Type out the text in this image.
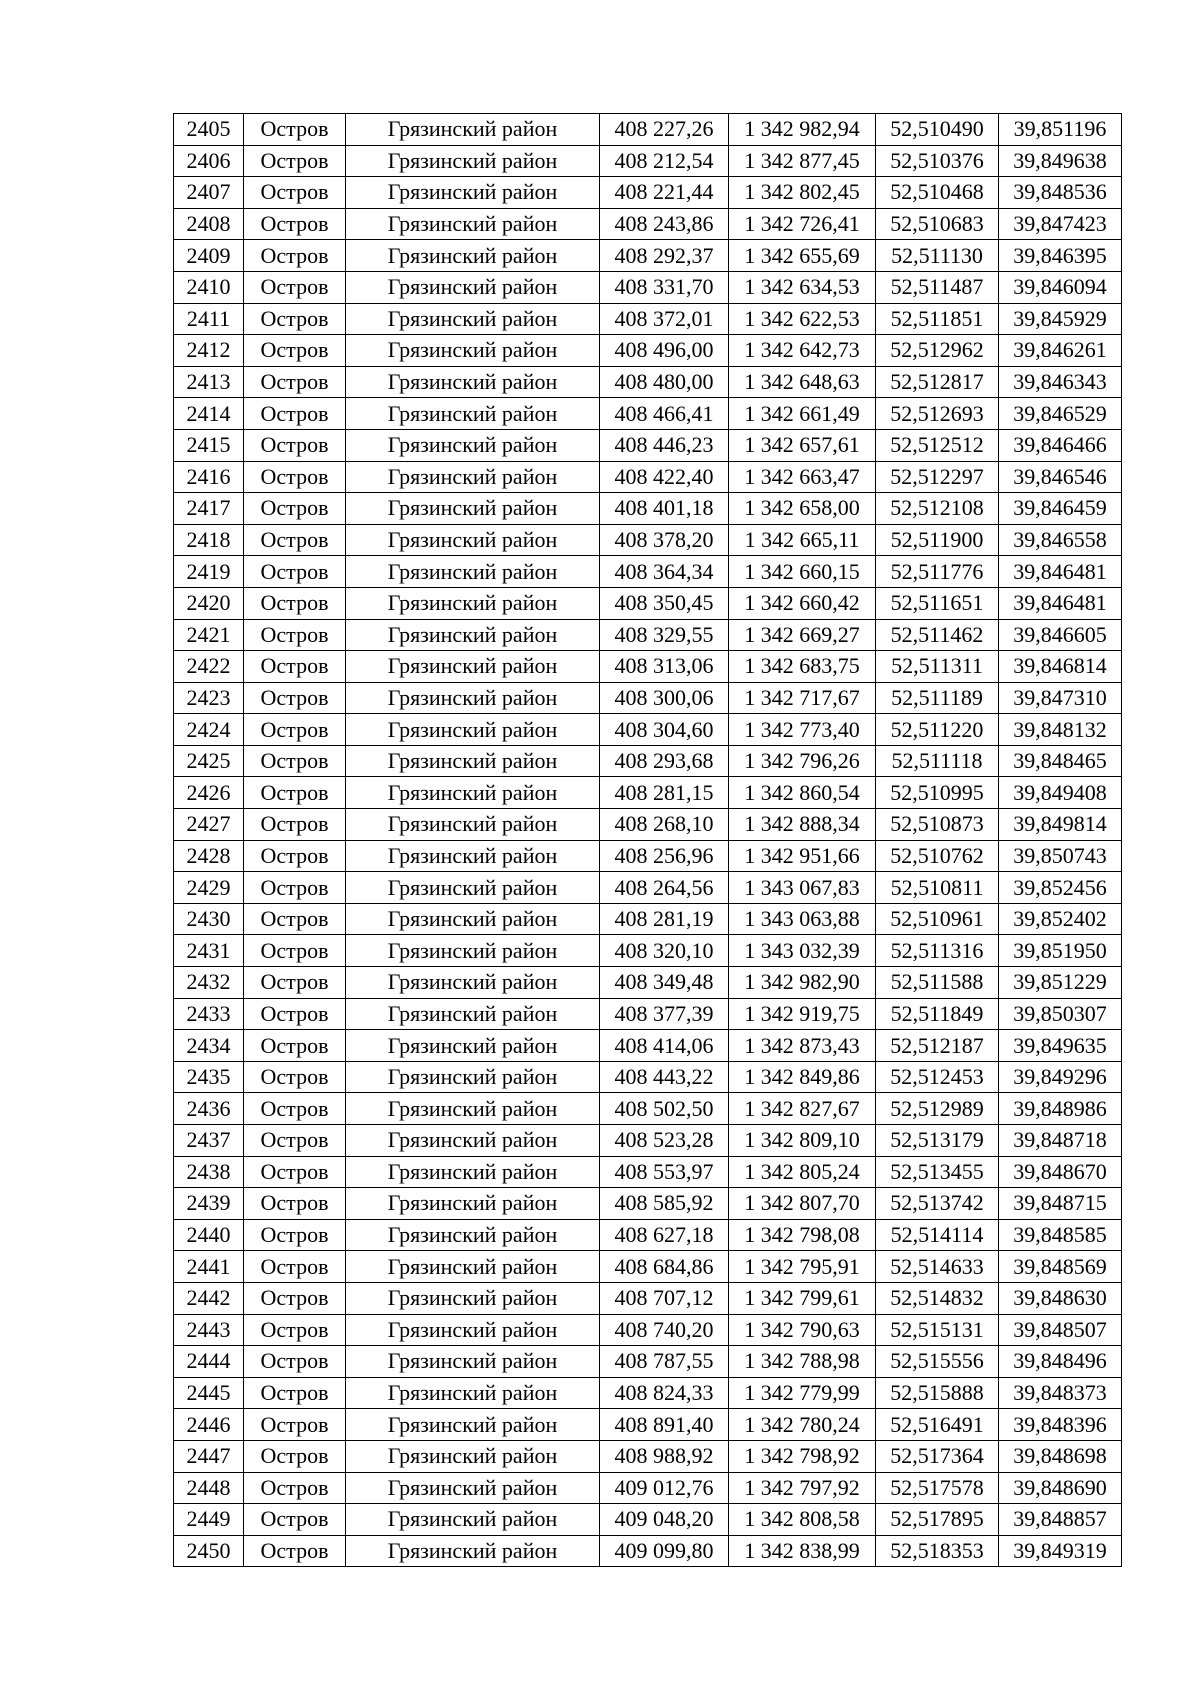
2405	Остров	Грязинский район	408 227,26	1 342 982,94	52,510490	39,851196
2406	Остров	Грязинский район	408 212,54	1 342 877,45	52,510376	39,849638
2407	Остров	Грязинский район	408 221,44	1 342 802,45	52,510468	39,848536
2408	Остров	Грязинский район	408 243,86	1 342 726,41	52,510683	39,847423
2409	Остров	Грязинский район	408 292,37	1 342 655,69	52,511130	39,846395
2410	Остров	Грязинский район	408 331,70	1 342 634,53	52,511487	39,846094
2411	Остров	Грязинский район	408 372,01	1 342 622,53	52,511851	39,845929
2412	Остров	Грязинский район	408 496,00	1 342 642,73	52,512962	39,846261
2413	Остров	Грязинский район	408 480,00	1 342 648,63	52,512817	39,846343
2414	Остров	Грязинский район	408 466,41	1 342 661,49	52,512693	39,846529
2415	Остров	Грязинский район	408 446,23	1 342 657,61	52,512512	39,846466
2416	Остров	Грязинский район	408 422,40	1 342 663,47	52,512297	39,846546
2417	Остров	Грязинский район	408 401,18	1 342 658,00	52,512108	39,846459
2418	Остров	Грязинский район	408 378,20	1 342 665,11	52,511900	39,846558
2419	Остров	Грязинский район	408 364,34	1 342 660,15	52,511776	39,846481
2420	Остров	Грязинский район	408 350,45	1 342 660,42	52,511651	39,846481
2421	Остров	Грязинский район	408 329,55	1 342 669,27	52,511462	39,846605
2422	Остров	Грязинский район	408 313,06	1 342 683,75	52,511311	39,846814
2423	Остров	Грязинский район	408 300,06	1 342 717,67	52,511189	39,847310
2424	Остров	Грязинский район	408 304,60	1 342 773,40	52,511220	39,848132
2425	Остров	Грязинский район	408 293,68	1 342 796,26	52,511118	39,848465
2426	Остров	Грязинский район	408 281,15	1 342 860,54	52,510995	39,849408
2427	Остров	Грязинский район	408 268,10	1 342 888,34	52,510873	39,849814
2428	Остров	Грязинский район	408 256,96	1 342 951,66	52,510762	39,850743
2429	Остров	Грязинский район	408 264,56	1 343 067,83	52,510811	39,852456
2430	Остров	Грязинский район	408 281,19	1 343 063,88	52,510961	39,852402
2431	Остров	Грязинский район	408 320,10	1 343 032,39	52,511316	39,851950
2432	Остров	Грязинский район	408 349,48	1 342 982,90	52,511588	39,851229
2433	Остров	Грязинский район	408 377,39	1 342 919,75	52,511849	39,850307
2434	Остров	Грязинский район	408 414,06	1 342 873,43	52,512187	39,849635
2435	Остров	Грязинский район	408 443,22	1 342 849,86	52,512453	39,849296
2436	Остров	Грязинский район	408 502,50	1 342 827,67	52,512989	39,848986
2437	Остров	Грязинский район	408 523,28	1 342 809,10	52,513179	39,848718
2438	Остров	Грязинский район	408 553,97	1 342 805,24	52,513455	39,848670
2439	Остров	Грязинский район	408 585,92	1 342 807,70	52,513742	39,848715
2440	Остров	Грязинский район	408 627,18	1 342 798,08	52,514114	39,848585
2441	Остров	Грязинский район	408 684,86	1 342 795,91	52,514633	39,848569
2442	Остров	Грязинский район	408 707,12	1 342 799,61	52,514832	39,848630
2443	Остров	Грязинский район	408 740,20	1 342 790,63	52,515131	39,848507
2444	Остров	Грязинский район	408 787,55	1 342 788,98	52,515556	39,848496
2445	Остров	Грязинский район	408 824,33	1 342 779,99	52,515888	39,848373
2446	Остров	Грязинский район	408 891,40	1 342 780,24	52,516491	39,848396
2447	Остров	Грязинский район	408 988,92	1 342 798,92	52,517364	39,848698
2448	Остров	Грязинский район	409 012,76	1 342 797,92	52,517578	39,848690
2449	Остров	Грязинский район	409 048,20	1 342 808,58	52,517895	39,848857
2450	Остров	Грязинский район	409 099,80	1 342 838,99	52,518353	39,849319
